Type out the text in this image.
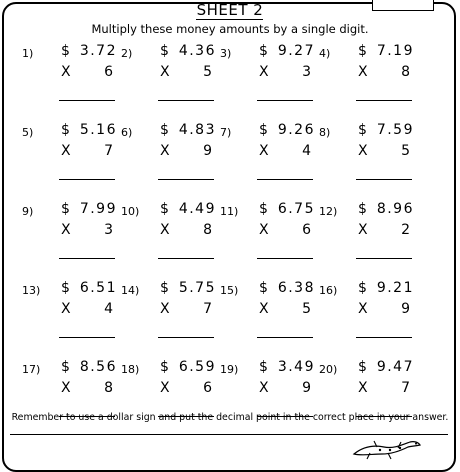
SHEET 2
Multiply these money amounts by a single digit.
1) $ 3.72
X 6
2) $ 4.36
X 5
3) $ 9.27
X 3
4) $ 7.19
X 8
5) $ 5.16
X 7
6) $ 4.83
X 9
7) $ 9.26
X 4
8) $ 7.59
X 5
9) $ 7.99
X 3
10) $ 4.49
X 8
11) $ 6.75
X 6
12) $ 8.96
X 2
13) $ 6.51
X 4
14) $ 5.75
X 7
15) $ 6.38
X 5
16) $ 9.21
X 9
17) $ 8.56
X 8
18) $ 6.59
X 6
19) $ 3.49
X 9
20) $ 9.47
X 7
Remember to use a dollar sign and put the decimal point in the correct place in your answer.
